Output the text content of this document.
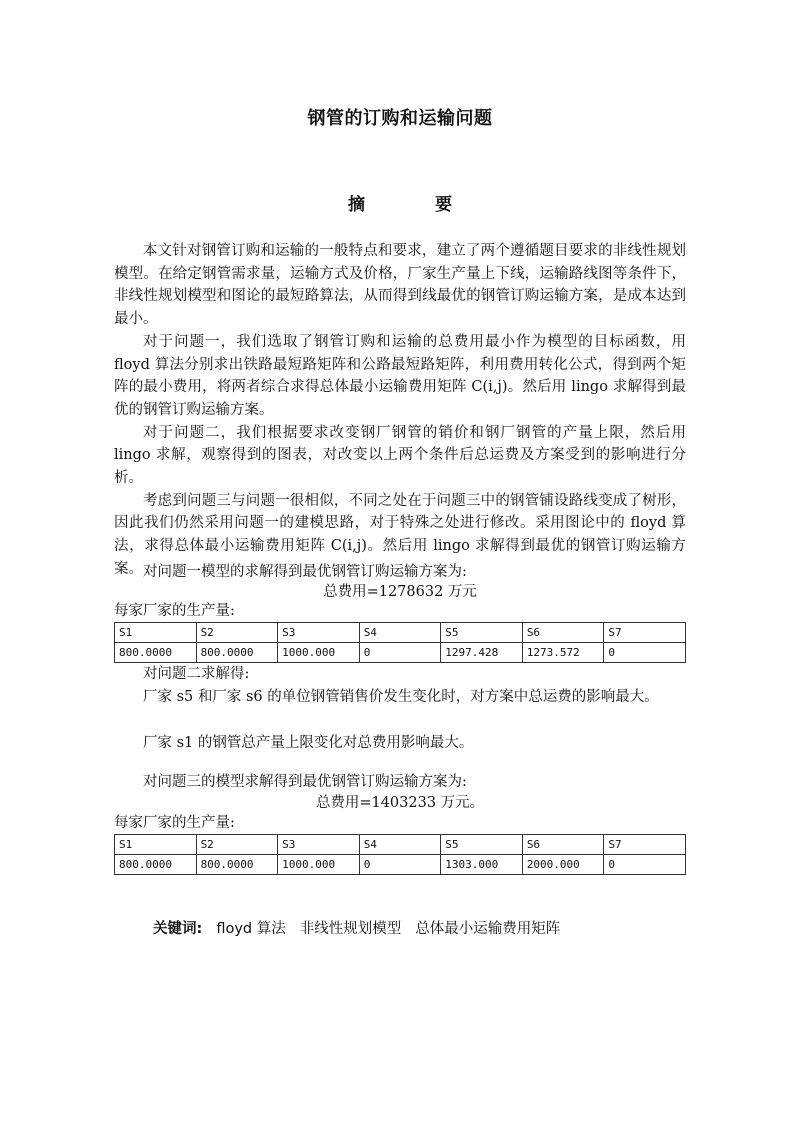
钢管的订购和运输问题
摘	要

本文针对钢管订购和运输的一般特点和要求，建立了两个遵循题目要求的非线性规划模型。在给定钢管需求量，运输方式及价格，厂家生产量上下线，运输路线图等条件下，非线性规划模型和图论的最短路算法，从而得到线最优的钢管订购运输方案，是成本达到最小。

对于问题一，我们选取了钢管订购和运输的总费用最小作为模型的目标函数，用 floyd 算法分别求出铁路最短路矩阵和公路最短路矩阵，利用费用转化公式，得到两个矩阵的最小费用，将两者综合求得总体最小运输费用矩阵 C(i,j)。然后用 lingo 求解得到最优的钢管订购运输方案。

对于问题二，我们根据要求改变钢厂钢管的销价和钢厂钢管的产量上限，然后用 lingo 求解，观察得到的图表，对改变以上两个条件后总运费及方案受到的影响进行分析。

考虑到问题三与问题一很相似，不同之处在于问题三中的钢管铺设路线变成了树形，因此我们仍然采用问题一的建模思路，对于特殊之处进行修改。采用图论中的 floyd 算法，求得总体最小运输费用矩阵 C(i,j)。然后用 lingo 求解得到最优的钢管订购运输方案。 对问题一模型的求解得到最优钢管订购运输方案为:
总费用=1278632 万元
每家厂家的生产量:
S1	S2	S3	S4	S5	S6	S7
800.0000	800.0000	1000.000	0	1297.428	1273.572	0
对问题二求解得:

厂家 s5 和厂家 s6 的单位钢管销售价发生变化时，对方案中总运费的影响最大。

厂家 s1 的钢管总产量上限变化对总费用影响最大。
对问题三的模型求解得到最优钢管订购运输方案为:
总费用=1403233 万元。
每家厂家的生产量:
S1	S2	S3	S4	S5	S6	S7
800.0000	800.0000	1000.000	0	1303.000	2000.000	0
关键词: floyd 算法 非线性规划模型 总体最小运输费用矩阵
